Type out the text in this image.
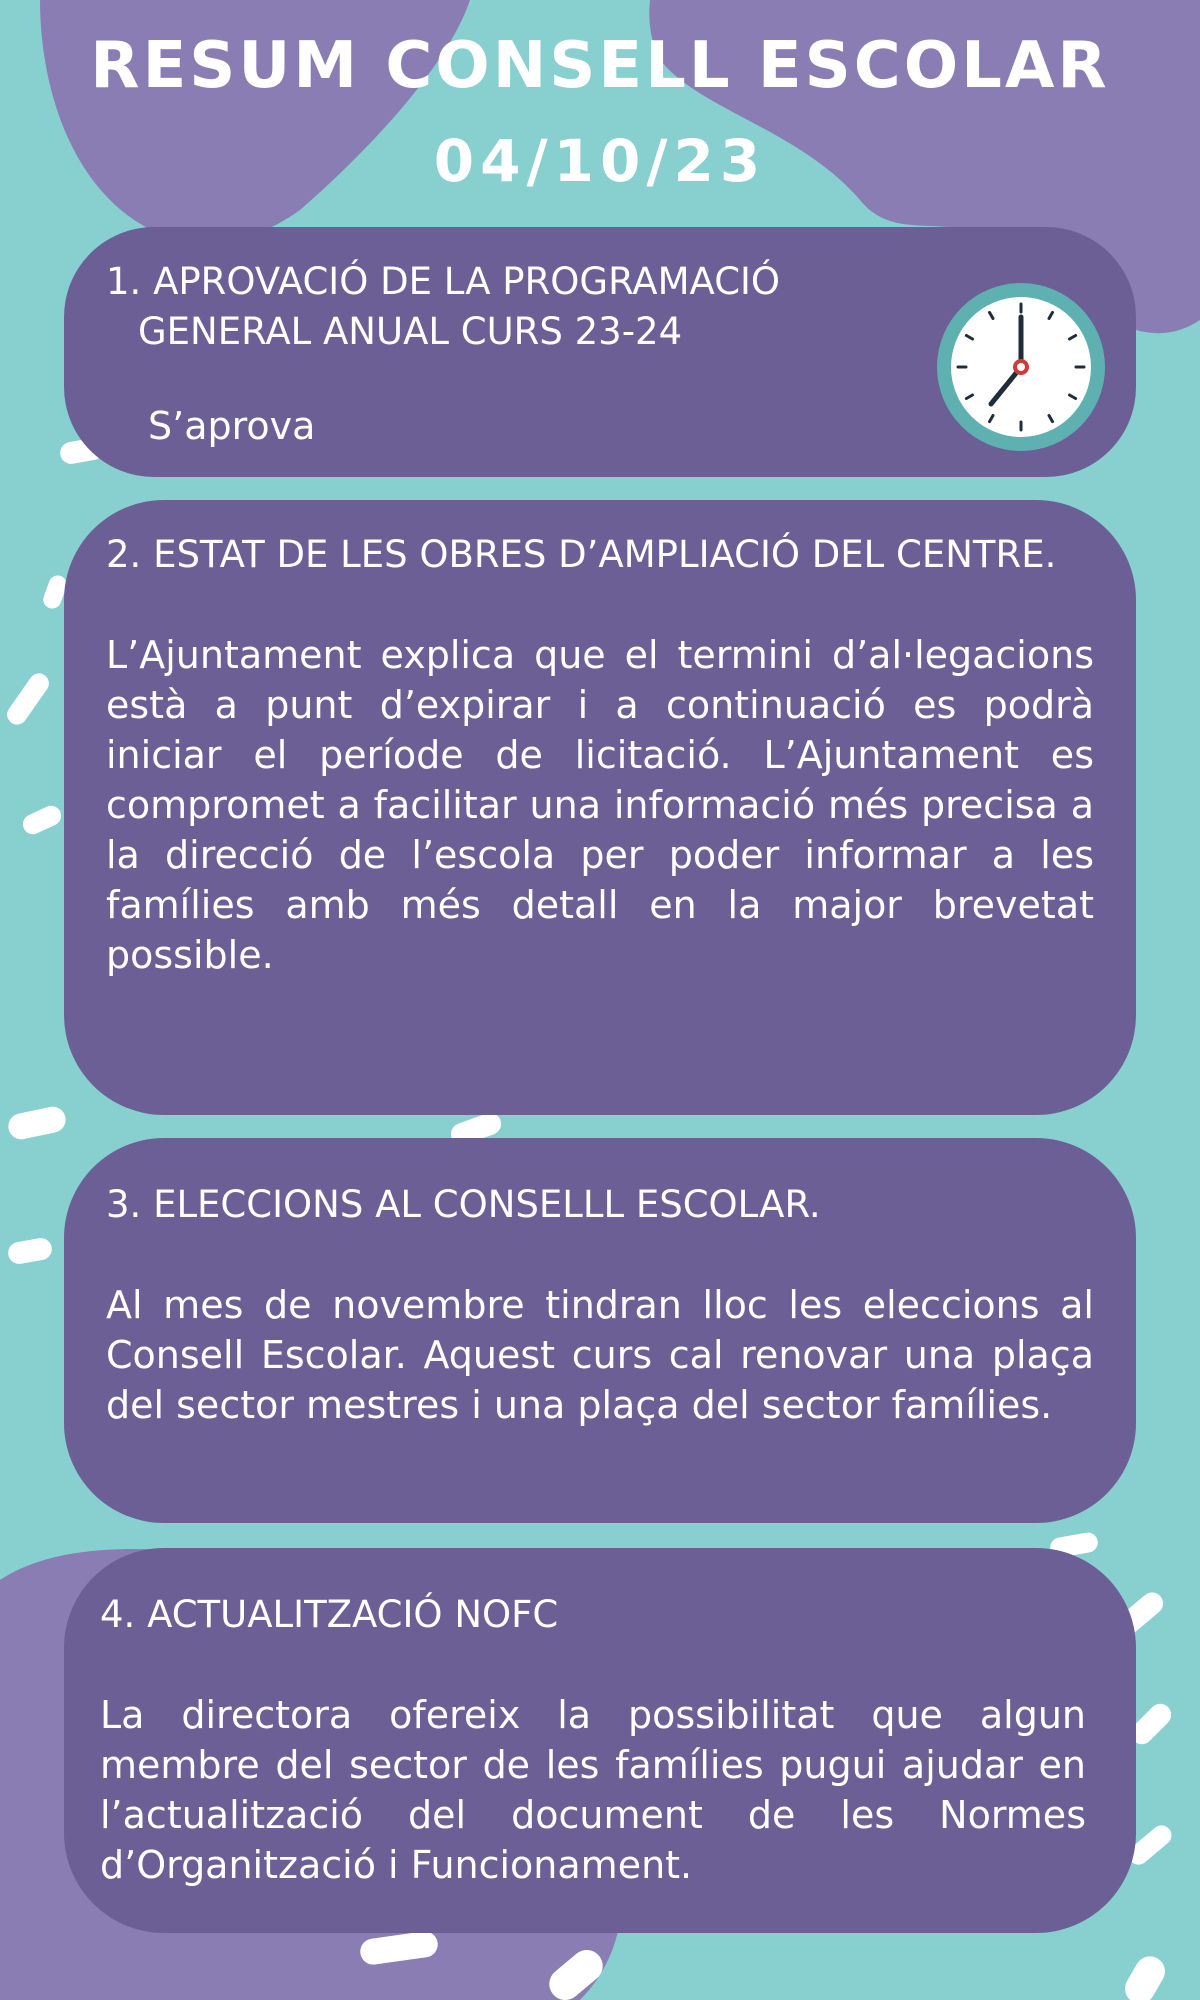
RESUM CONSELL ESCOLAR
04/10/23
1. APROVACIÓ DE LA PROGRAMACIÓ
GENERAL ANUAL CURS 23-24

S’aprova

2. ESTAT DE LES OBRES D’AMPLIACIÓ DEL CENTRE.

L’Ajuntament explica que el termini d’al·legacions està a punt d’expirar i a continuació es podrà iniciar el període de licitació. L’Ajuntament es compromet a facilitar una informació més precisa a la direcció de l’escola per poder informar a les famílies amb més detall en la major brevetat possible.

3. ELECCIONS AL CONSELLL ESCOLAR.

Al mes de novembre tindran lloc les eleccions al Consell Escolar. Aquest curs cal renovar una plaça del sector mestres i una plaça del sector famílies.

4. ACTUALITZACIÓ NOFC

La directora ofereix la possibilitat que algun membre del sector de les famílies pugui ajudar en l’actualització del document de les Normes d’Organització i Funcionament.
